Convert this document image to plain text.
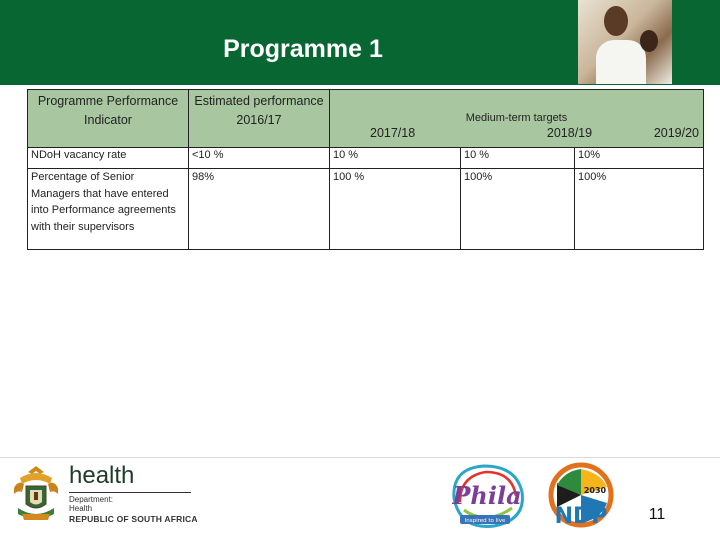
Programme 1
Programme Performance Indicator	Estimated performance 2016/17	Medium-term targets
2017/18 2018/19 2019/20		

NDoH vacancy rate	<10 %	10 %	10 %	10%
Percentage of Senior Managers that have entered into Performance agreements with their supervisors	98%	100 %	100%	100%
health
Department:
Health
REPUBLIC OF SOUTH AFRICA
Phila
Inspired to live
2030
NDP	11
